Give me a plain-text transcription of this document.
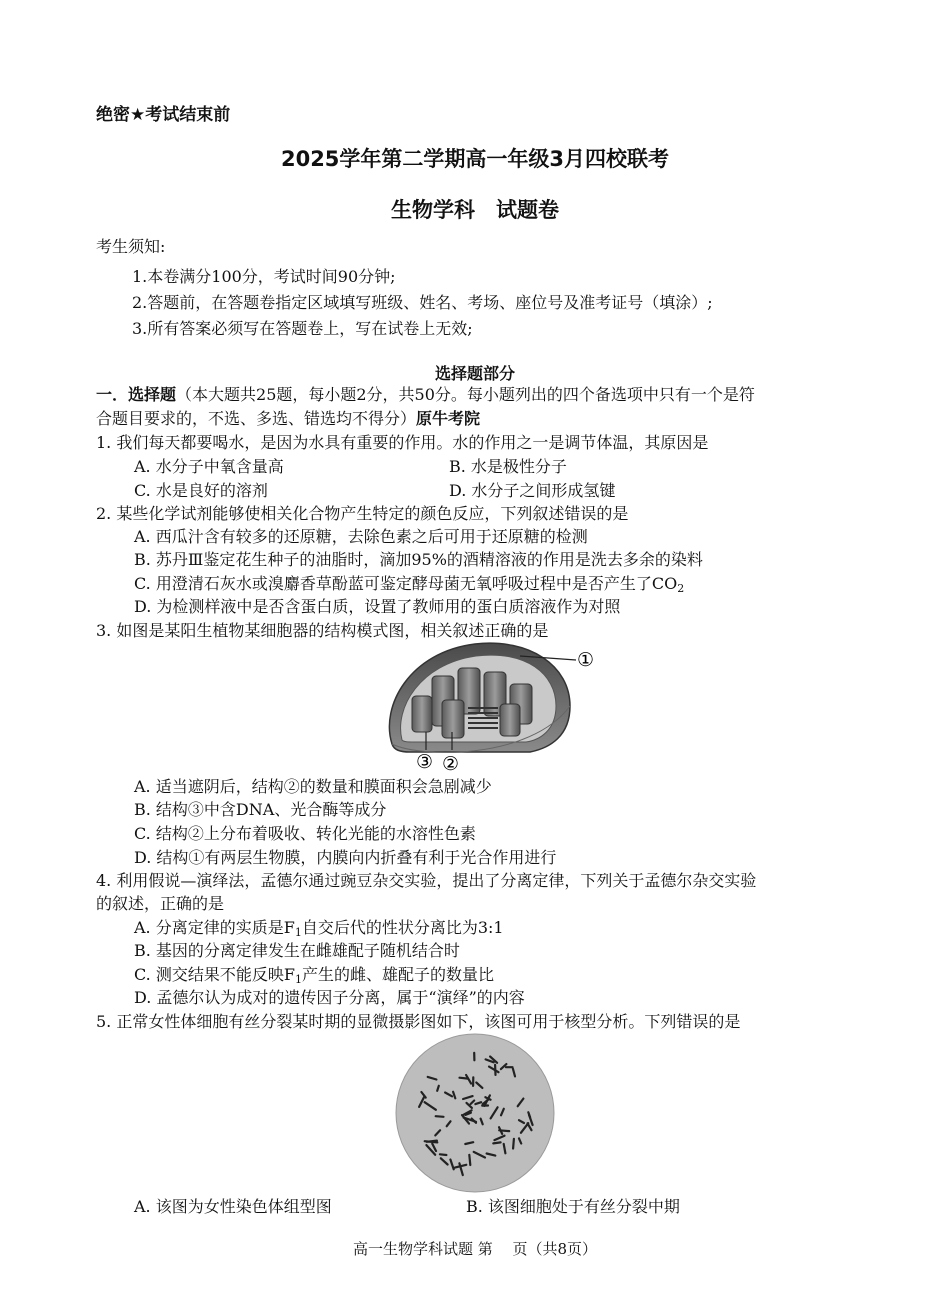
绝密★考试结束前
2025学年第二学期高一年级3月四校联考
生物学科　试题卷
考生须知:
1.本卷满分100分，考试时间90分钟;
2.答题前，在答题卷指定区域填写班级、姓名、考场、座位号及准考证号（填涂）;
3.所有答案必须写在答题卷上，写在试卷上无效;
选择题部分
一．选择题（本大题共25题，每小题2分，共50分。每小题列出的四个备选项中只有一个是符
合题目要求的，不选、多选、错选均不得分）原牛考院
1. 我们每天都要喝水，是因为水具有重要的作用。水的作用之一是调节体温，其原因是
A. 水分子中氧含量高	B. 水是极性分子
C. 水是良好的溶剂	D. 水分子之间形成氢键
2. 某些化学试剂能够使相关化合物产生特定的颜色反应，下列叙述错误的是
A. 西瓜汁含有较多的还原糖，去除色素之后可用于还原糖的检测
B. 苏丹Ⅲ鉴定花生种子的油脂时，滴加95%的酒精溶液的作用是洗去多余的染料
C. 用澄清石灰水或溴麝香草酚蓝可鉴定酵母菌无氧呼吸过程中是否产生了$CO_2$
D. 为检测样液中是否含蛋白质，设置了教师用的蛋白质溶液作为对照
3. 如图是某阳生植物某细胞器的结构模式图，相关叙述正确的是
①
③ ②
A. 适当遮阴后，结构②的数量和膜面积会急剧减少
B. 结构③中含DNA、光合酶等成分
C. 结构②上分布着吸收、转化光能的水溶性色素
D. 结构①有两层生物膜，内膜向内折叠有利于光合作用进行
4. 利用假说—演绎法，孟德尔通过豌豆杂交实验，提出了分离定律，下列关于孟德尔杂交实验
的叙述，正确的是
A. 分离定律的实质是$F_1$自交后代的性状分离比为3:1
B. 基因的分离定律发生在雌雄配子随机结合时
C. 测交结果不能反映$F_1$产生的雌、雄配子的数量比
D. 孟德尔认为成对的遗传因子分离，属于“演绎”的内容
5. 正常女性体细胞有丝分裂某时期的显微摄影图如下，该图可用于核型分析。下列错误的是
A. 该图为女性染色体组型图	B. 该图细胞处于有丝分裂中期
高一生物学科试题 第　 页（共8页）
